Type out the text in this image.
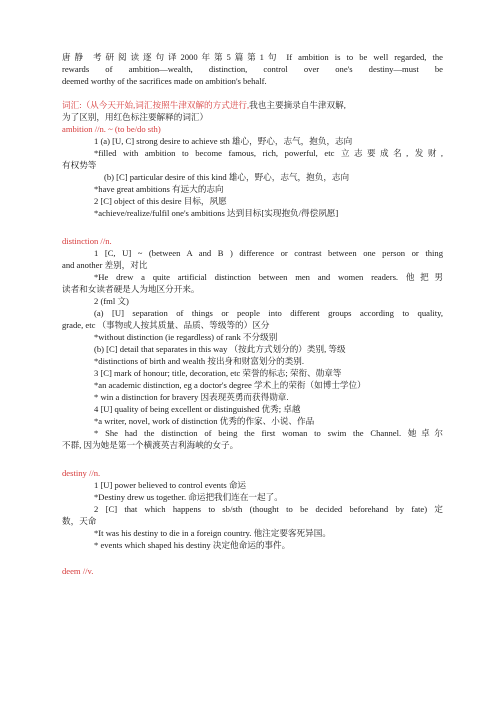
唐静 考研阅读逐句译2000年第5篇第1句 If ambition is to be well regarded, the
rewards of ambition—wealth, distinction, control over one's destiny—must be
deemed worthy of the sacrifices made on ambition's behalf.
词汇:（从今天开始,词汇按照牛津双解的方式进行,我也主要摘录自牛津双解,
为了区别，用红色标注要解释的词汇）
ambition //n. ~ (to be/do sth)
1 (a) [U, C] strong desire to achieve sth 雄心，野心，志气，抱负，志向
*filled with ambition to become famous, rich, powerful, etc 立志要成名, 发财,
有权势等
(b) [C] particular desire of this kind 雄心，野心，志气，抱负，志向
*have great ambitions 有远大的志向
2 [C] object of this desire 目标，夙愿
*achieve/realize/fulfil one's ambitions 达到目标[实现抱负/得偿夙愿]
distinction //n.
1 [C, U] ~ (between A and B ) difference or contrast between one person or thing
and another 差别，对比
*He drew a quite artificial distinction between men and women readers. 他把男
读者和女读者硬是人为地区分开来。
2 (fml 文)
(a) [U] separation of things or people into different groups according to quality,
grade, etc （事物或人按其质量、品质、等级等的）区分
*without distinction (ie regardless) of rank 不分级别
(b) [C] detail that separates in this way （按此方式划分的）类别, 等级
*distinctions of birth and wealth 按出身和财富划分的类别.
3 [C] mark of honour; title, decoration, etc 荣誉的标志; 荣衔、勋章等
*an academic distinction, eg a doctor's degree 学术上的荣衔（如博士学位）
* win a distinction for bravery 因表现英勇而获得勋章.
4 [U] quality of being excellent or distinguished 优秀; 卓越
*a writer, novel, work of distinction 优秀的作家、小说、作品
* She had the distinction of being the first woman to swim the Channel. 她卓尔
不群, 因为她是第一个横渡英吉利海峡的女子。
destiny //n.
1 [U] power believed to control events 命运
*Destiny drew us together. 命运把我们连在一起了。
2 [C] that which happens to sb/sth (thought to be decided beforehand by fate) 定
数，天命
*It was his destiny to die in a foreign country. 他注定要客死异国。
* events which shaped his destiny 决定他命运的事件。
deem //v.
